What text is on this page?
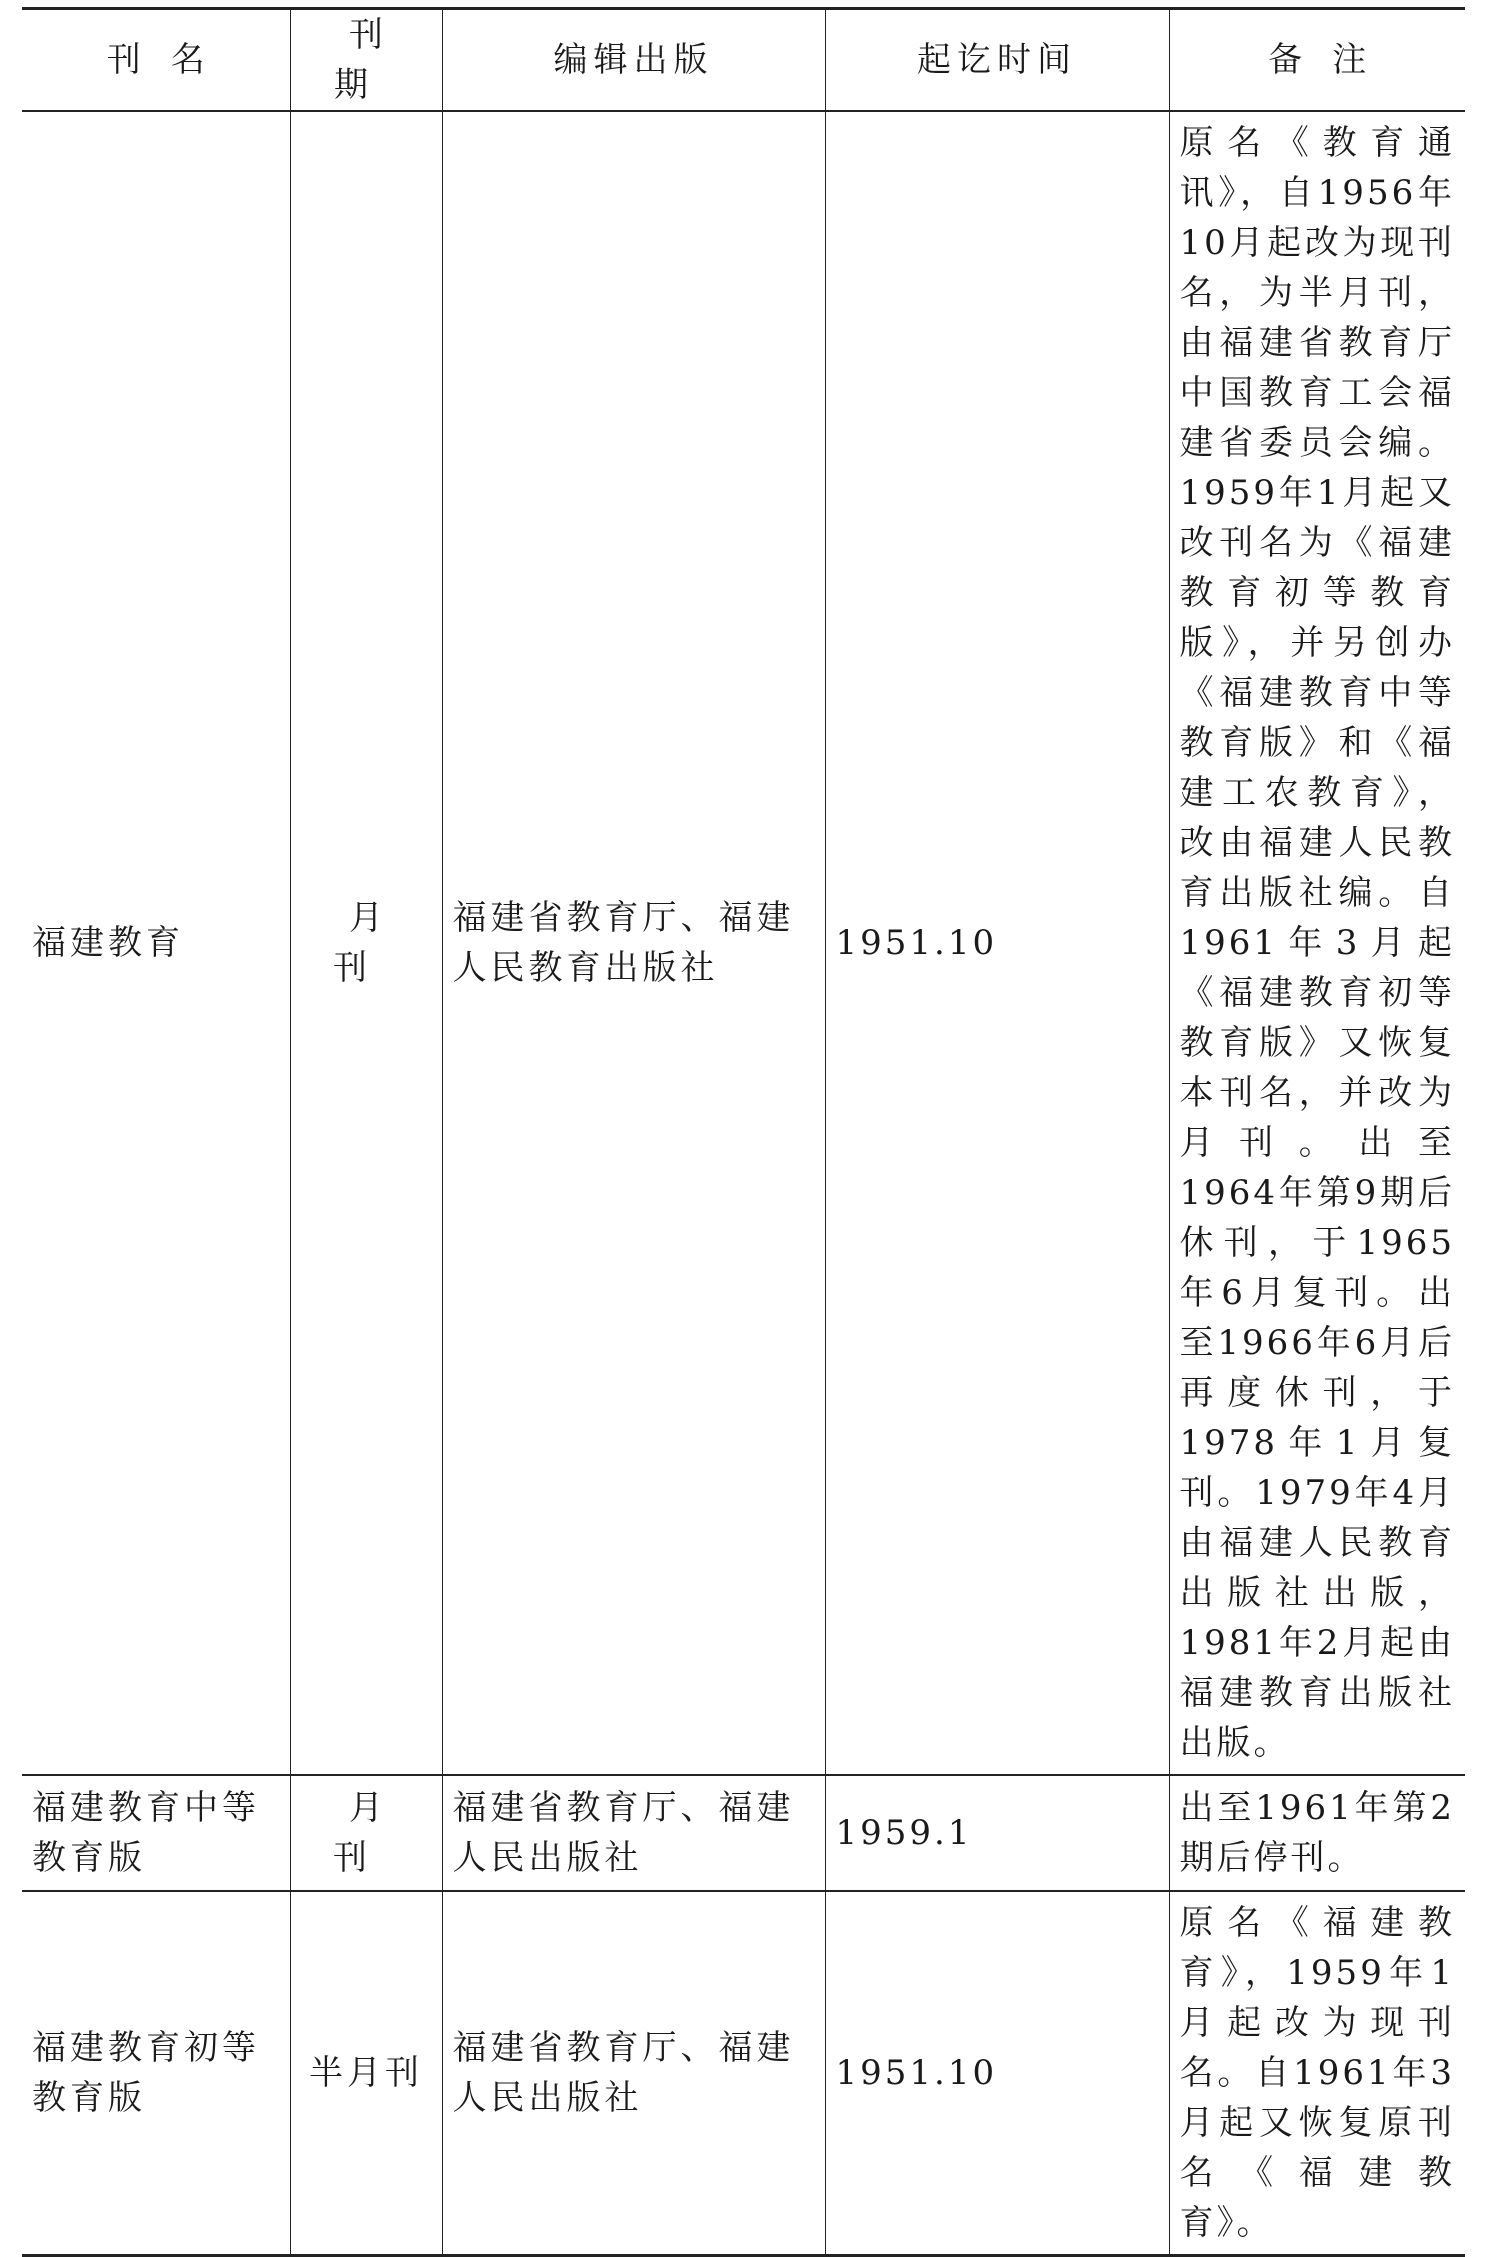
刊名	刊期	编辑出版	起讫时间	备注
福建教育	月刊	福建省教育厅、福建人民教育出版社	1951.10	原名《教育通讯》，自1956年10月起改为现刊名，为半月刊，由福建省教育厅中国教育工会福建省委员会编。1959年1月起又改刊名为《福建教育初等教育版》，并另创办《福建教育中等教育版》和《福建工农教育》，改由福建人民教育出版社编。自1961年3月起《福建教育初等教育版》又恢复本刊名，并改为月刊。出至1964年第9期后休刊，于1965年6月复刊。出至1966年6月后再度休刊，于1978年1月复刊。1979年4月由福建人民教育出版社出版，1981年2月起由福建教育出版社出版。
福建教育中等教育版	月刊	福建省教育厅、福建人民出版社	1959.1	出至1961年第2期后停刊。
福建教育初等教育版	半月刊	福建省教育厅、福建人民出版社	1951.10	原名《福建教育》，1959年1月起改为现刊名。自1961年3月起又恢复原刊名《福建教育》。
